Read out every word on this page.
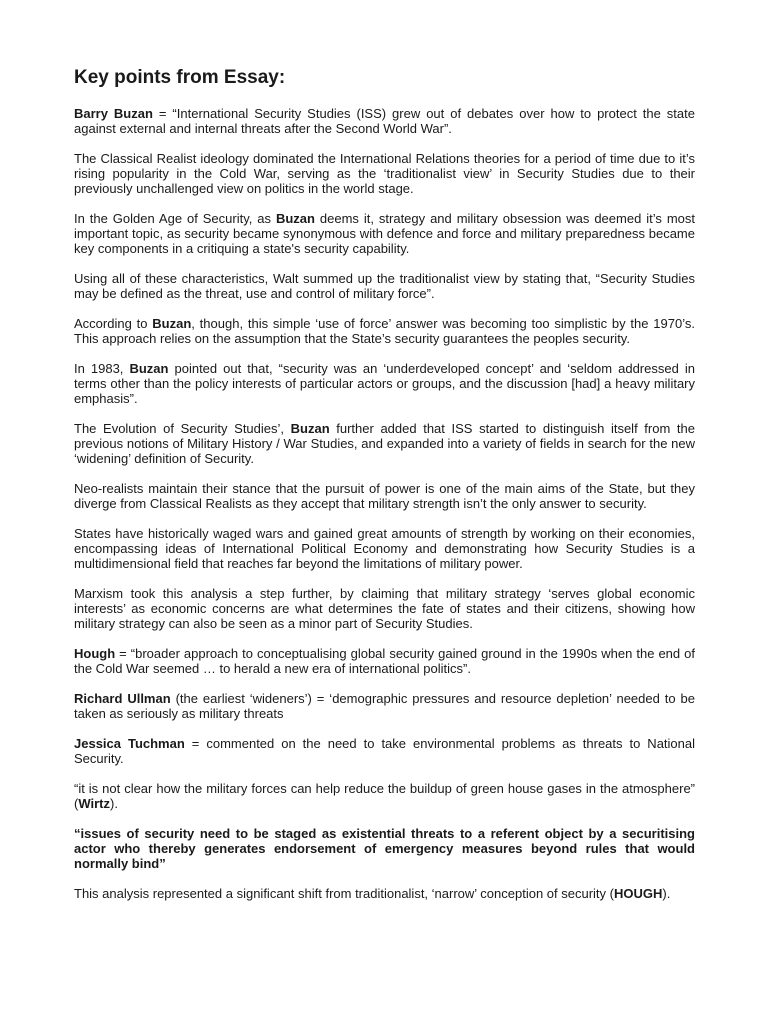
Key points from Essay:

Barry Buzan = “International Security Studies (ISS) grew out of debates over how to protect the state against external and internal threats after the Second World War”.

The Classical Realist ideology dominated the International Relations theories for a period of time due to it’s rising popularity in the Cold War, serving as the ‘traditionalist view’ in Security Studies due to their previously unchallenged view on politics in the world stage.

In the Golden Age of Security, as Buzan deems it, strategy and military obsession was deemed it’s most important topic, as security became synonymous with defence and force and military preparedness became key components in a critiquing a state's security capability.

Using all of these characteristics, Walt summed up the traditionalist view by stating that, “Security Studies may be defined as the threat, use and control of military force”.

According to Buzan, though, this simple ‘use of force’ answer was becoming too simplistic by the 1970’s. This approach relies on the assumption that the State’s security guarantees the peoples security.

In 1983, Buzan pointed out that, “security was an ‘underdeveloped concept’ and ‘seldom addressed in terms other than the policy interests of particular actors or groups, and the discussion [had] a heavy military emphasis”.

The Evolution of Security Studies’, Buzan further added that ISS started to distinguish itself from the previous notions of Military History / War Studies, and expanded into a variety of fields in search for the new ‘widening’ definition of Security.

Neo-realists maintain their stance that the pursuit of power is one of the main aims of the State, but they diverge from Classical Realists as they accept that military strength isn’t the only answer to security.

States have historically waged wars and gained great amounts of strength by working on their economies, encompassing ideas of International Political Economy and demonstrating how Security Studies is a multidimensional field that reaches far beyond the limitations of military power.

Marxism took this analysis a step further, by claiming that military strategy ‘serves global economic interests’ as economic concerns are what determines the fate of states and their citizens, showing how military strategy can also be seen as a minor part of Security Studies.

Hough = “broader approach to conceptualising global security gained ground in the 1990s when the end of the Cold War seemed … to herald a new era of international politics”.

Richard Ullman (the earliest ‘wideners’) = ‘demographic pressures and resource depletion’ needed to be taken as seriously as military threats

Jessica Tuchman = commented on the need to take environmental problems as threats to National Security.

“it is not clear how the military forces can help reduce the buildup of green house gases in the atmosphere” (Wirtz).

“issues of security need to be staged as existential threats to a referent object by a securitising actor who thereby generates endorsement of emergency measures beyond rules that would normally bind”

This analysis represented a significant shift from traditionalist, ‘narrow’ conception of security (HOUGH).
